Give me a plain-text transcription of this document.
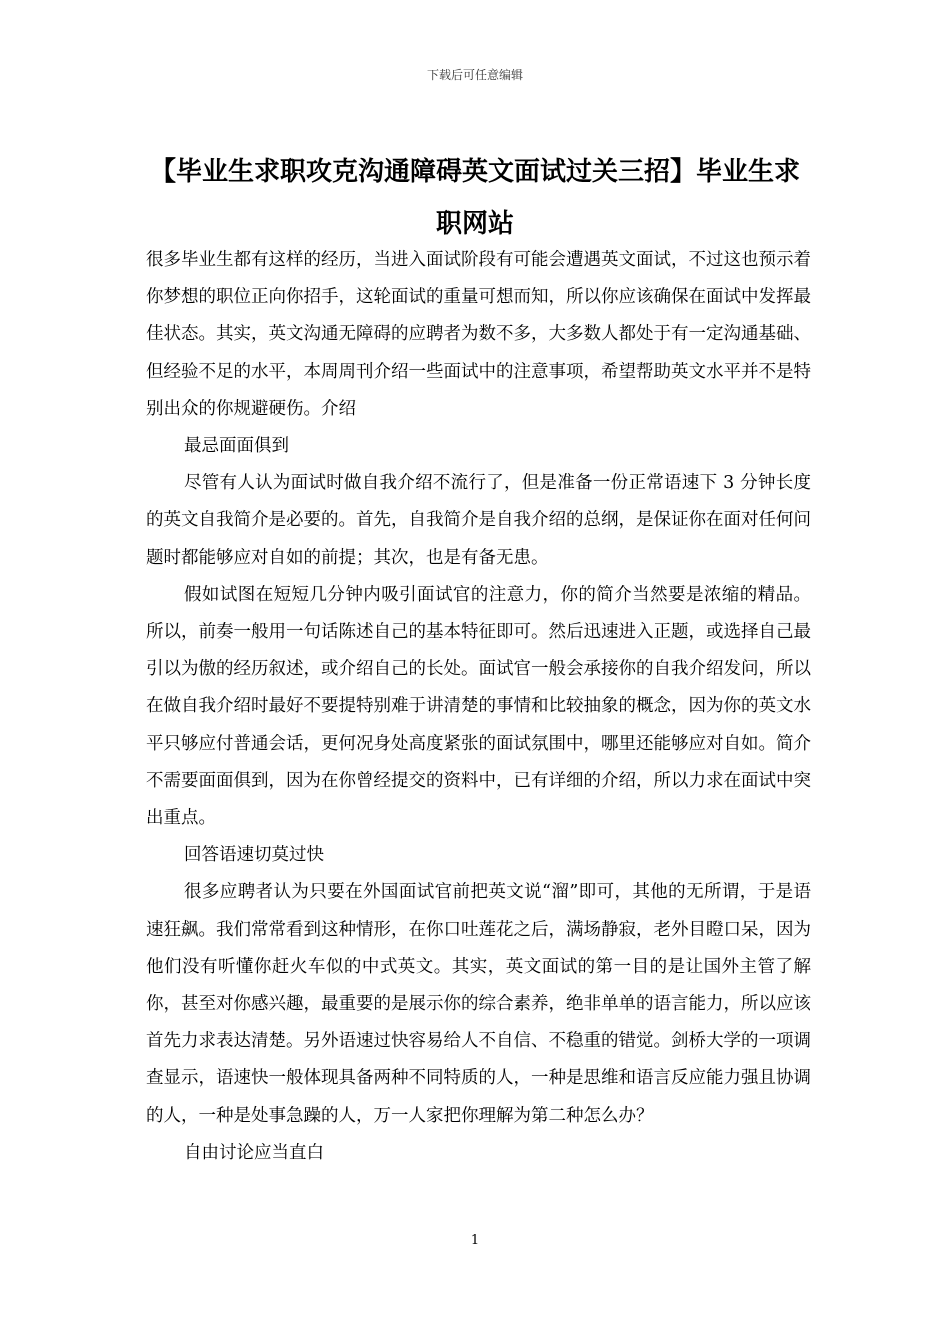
下载后可任意编辑
【毕业生求职攻克沟通障碍英文面试过关三招】毕业生求职网站

很多毕业生都有这样的经历，当进入面试阶段有可能会遭遇英文面试，不过这也预示着你梦想的职位正向你招手，这轮面试的重量可想而知，所以你应该确保在面试中发挥最佳状态。其实，英文沟通无障碍的应聘者为数不多，大多数人都处于有一定沟通基础、但经验不足的水平，本周周刊介绍一些面试中的注意事项，希望帮助英文水平并不是特别出众的你规避硬伤。介绍

最忌面面俱到

尽管有人认为面试时做自我介绍不流行了，但是准备一份正常语速下 3 分钟长度的英文自我简介是必要的。首先，自我简介是自我介绍的总纲，是保证你在面对任何问题时都能够应对自如的前提；其次，也是有备无患。

假如试图在短短几分钟内吸引面试官的注意力，你的简介当然要是浓缩的精品。所以，前奏一般用一句话陈述自己的基本特征即可。然后迅速进入正题，或选择自己最引以为傲的经历叙述，或介绍自己的长处。面试官一般会承接你的自我介绍发问，所以在做自我介绍时最好不要提特别难于讲清楚的事情和比较抽象的概念，因为你的英文水平只够应付普通会话，更何况身处高度紧张的面试氛围中，哪里还能够应对自如。简介不需要面面俱到，因为在你曾经提交的资料中，已有详细的介绍，所以力求在面试中突出重点。

回答语速切莫过快

很多应聘者认为只要在外国面试官前把英文说“溜”即可，其他的无所谓，于是语速狂飙。我们常常看到这种情形，在你口吐莲花之后，满场静寂，老外目瞪口呆，因为他们没有听懂你赶火车似的中式英文。其实，英文面试的第一目的是让国外主管了解你，甚至对你感兴趣，最重要的是展示你的综合素养，绝非单单的语言能力，所以应该首先力求表达清楚。另外语速过快容易给人不自信、不稳重的错觉。剑桥大学的一项调查显示，语速快一般体现具备两种不同特质的人，一种是思维和语言反应能力强且协调的人，一种是处事急躁的人，万一人家把你理解为第二种怎么办？

自由讨论应当直白

1
